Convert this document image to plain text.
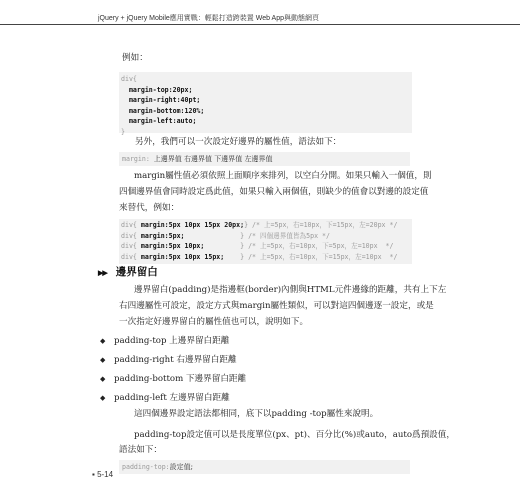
jQuery + jQuery Mobile應用實戰：輕鬆打造跨裝置 Web App與動態網頁

例如：

div{
margin-top:20px;
margin-right:40pt;
margin-bottom:120%;
margin-left:auto;
}

另外，我們可以一次設定好邊界的屬性值，語法如下：

margin: 上邊界值 右邊界值 下邊界值 左邊界值

margin屬性值必須依照上面順序來排列，以空白分開。如果只輸入一個值，則

四個邊界值會同時設定爲此值，如果只輸入兩個值，則缺少的值會以對邊的設定值

來替代，例如：

div{ margin:5px 10px 15px 20px;} /* 上=5px，右=10px，下=15px，左=20px */
div{ margin:5px;              } /* 四個邊界值皆為5px */
div{ margin:5px 10px;         } /* 上=5px，右=10px，下=5px，左=10px  */
div{ margin:5px 10px 15px;    } /* 上=5px，右=10px，下=15px，左=10px  */
▶▶ 邊界留白

邊界留白(padding)是指邊框(border)內側與HTML元件邊緣的距離，共有上下左

右四邊屬性可設定，設定方式與margin屬性類似，可以對這四個邊逐一設定，或是

一次指定好邊界留白的屬性值也可以，說明如下。

◆ padding-top 上邊界留白距離
◆ padding-right 右邊界留白距離
◆ padding-bottom 下邊界留白距離
◆ padding-left 左邊界留白距離

這四個邊界設定語法都相同，底下以padding -top屬性來說明。

padding-top設定值可以是長度單位(px、pt)、百分比(%)或auto，auto爲預設值，

語法如下：

padding-top:設定值;
▪ 5-14
